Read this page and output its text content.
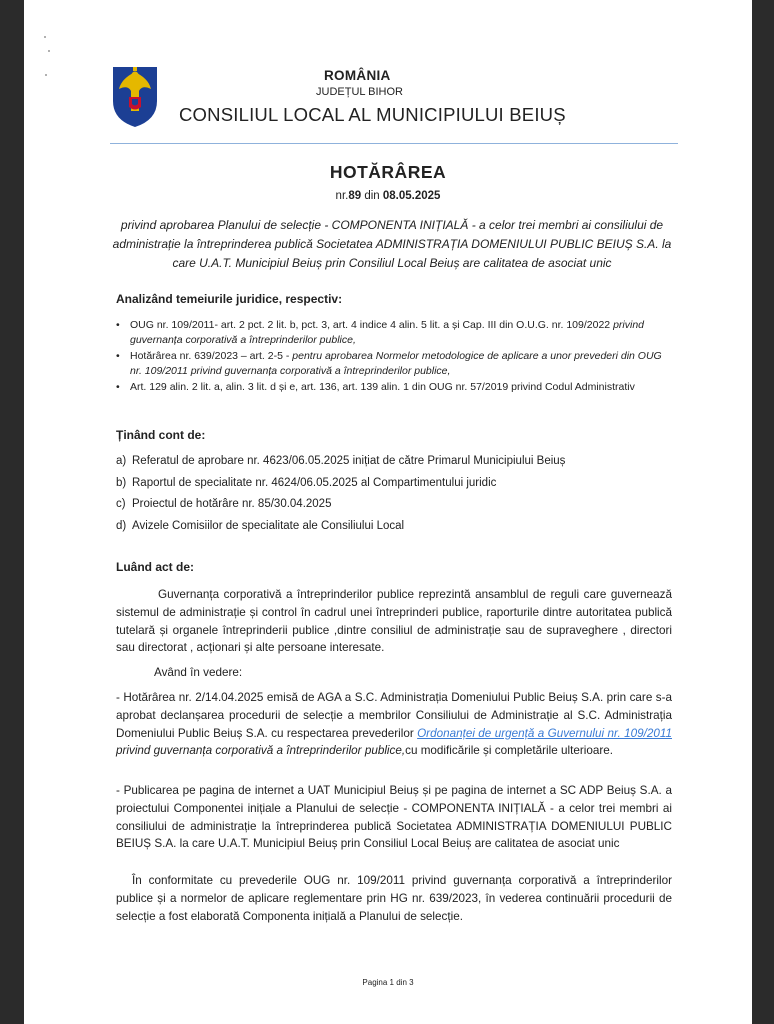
ROMÂNIA
JUDEȚUL BIHOR
CONSILIUL LOCAL AL MUNICIPIULUI BEIUȘ
HOTĂRÂREA
nr.89 din 08.05.2025
privind aprobarea Planului de selecție - COMPONENTA INIȚIALĂ - a celor trei membri ai consiliului de administrație la întreprinderea publică Societatea ADMINISTRAȚIA DOMENIULUI PUBLIC BEIUȘ S.A. la care U.A.T. Municipiul Beiuș prin Consiliul Local Beiuș are calitatea de asociat unic
Analizând temeiurile juridice, respectiv:
• OUG nr. 109/2011- art. 2 pct. 2 lit. b, pct. 3, art. 4 indice 4 alin. 5 lit. a și Cap. III din O.U.G. nr. 109/2022 privind guvernanța corporativă a întreprinderilor publice,
• Hotărârea nr. 639/2023 – art. 2-5 - pentru aprobarea Normelor metodologice de aplicare a unor prevederi din OUG nr. 109/2011 privind guvernanța corporativă a întreprinderilor publice,
• Art. 129 alin. 2 lit. a, alin. 3 lit. d și e, art. 136, art. 139 alin. 1 din OUG nr. 57/2019 privind Codul Administrativ
Ținând cont de:
a) Referatul de aprobare nr. 4623/06.05.2025 inițiat de către Primarul Municipiului Beiuș
b) Raportul de specialitate nr. 4624/06.05.2025 al Compartimentului juridic
c) Proiectul de hotărâre nr. 85/30.04.2025
d) Avizele Comisiilor de specialitate ale Consiliului Local
Luând act de:
Guvernanța corporativă a întreprinderilor publice reprezintă ansamblul de reguli care guvernează sistemul de administrație și control în cadrul unei întreprinderi publice, raporturile dintre autoritatea publică tutelară și organele întreprinderii publice ,dintre consiliul de administrație sau de supraveghere , directori sau directorat , acționari și alte persoane interesate.
Având în vedere:
- Hotărârea nr. 2/14.04.2025 emisă de AGA a S.C. Administrația Domeniului Public Beiuș S.A. prin care s-a aprobat declanșarea procedurii de selecție a membrilor Consiliului de Administrație al S.C. Administrația Domeniului Public Beiuș S.A. cu respectarea prevederilor Ordonanței de urgență a Guvernului nr. 109/2011 privind guvernanța corporativă a întreprinderilor publice,cu modificările și completările ulterioare.
- Publicarea pe pagina de internet a UAT Municipiul Beiuș și pe pagina de internet a SC ADP Beiuș S.A. a proiectului Componentei inițiale a Planului de selecție - COMPONENTA INIȚIALĂ - a celor trei membri ai consiliului de administrație la întreprinderea publică Societatea ADMINISTRAȚIA DOMENIULUI PUBLIC BEIUȘ S.A. la care U.A.T. Municipiul Beiuș prin Consiliul Local Beiuș are calitatea de asociat unic
În conformitate cu prevederile OUG nr. 109/2011 privind guvernanța corporativă a întreprinderilor publice și a normelor de aplicare reglementare prin HG nr. 639/2023, în vederea continuării procedurii de selecție a fost elaborată Componenta inițială a Planului de selecție.
Pagina 1 din 3
